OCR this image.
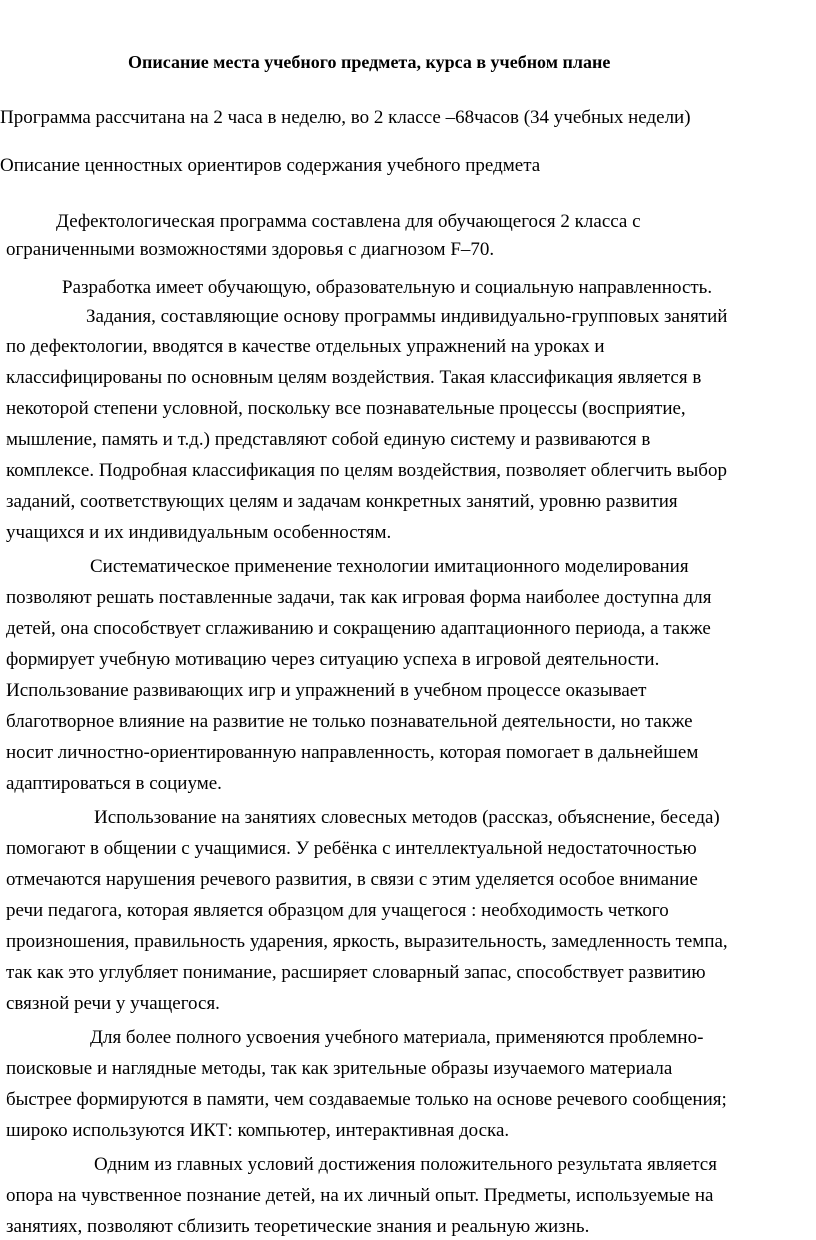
Описание места учебного предмета, курса в учебном плане
Программа рассчитана на 2 часа в неделю, во 2 классе –68часов (34 учебных недели)
Описание ценностных ориентиров содержания учебного предмета
Дефектологическая программа составлена для обучающегося 2 класса с
ограниченными возможностями здоровья с диагнозом F–70.
Разработка имеет обучающую, образовательную и социальную направленность.
Задания, составляющие основу программы индивидуально-групповых занятий
по дефектологии, вводятся в качестве отдельных упражнений на уроках и
классифицированы по основным целям воздействия. Такая классификация является в
некоторой степени условной, поскольку все познавательные процессы (восприятие,
мышление, память и т.д.) представляют собой единую систему и развиваются в
комплексе. Подробная классификация по целям воздействия, позволяет облегчить выбор
заданий, соответствующих целям и задачам конкретных занятий, уровню развития
учащихся и их индивидуальным особенностям.
Систематическое применение технологии имитационного моделирования
позволяют решать поставленные задачи, так как игровая форма наиболее доступна для
детей, она способствует сглаживанию и сокращению адаптационного периода, а также
формирует учебную мотивацию через ситуацию успеха в игровой деятельности.
Использование развивающих игр и упражнений в учебном процессе оказывает
благотворное влияние на развитие не только познавательной деятельности, но также
носит личностно-ориентированную направленность, которая помогает в дальнейшем
адаптироваться в социуме.
Использование на занятиях словесных методов (рассказ, объяснение, беседа)
помогают в общении с учащимися. У ребёнка с интеллектуальной недостаточностью
отмечаются нарушения речевого развития, в связи с этим уделяется особое внимание
речи педагога, которая является образцом для учащегося : необходимость четкого
произношения, правильность ударения, яркость, выразительность, замедленность темпа,
так как это углубляет понимание, расширяет словарный запас, способствует развитию
связной речи у учащегося.
Для более полного усвоения учебного материала, применяются проблемно-
поисковые и наглядные методы, так как зрительные образы изучаемого материала
быстрее формируются в памяти, чем создаваемые только на основе речевого сообщения;
широко используются ИКТ: компьютер, интерактивная доска.
Одним из главных условий достижения положительного результата является
опора на чувственное познание детей, на их личный опыт. Предметы, используемые на
занятиях, позволяют сблизить теоретические знания и реальную жизнь.
